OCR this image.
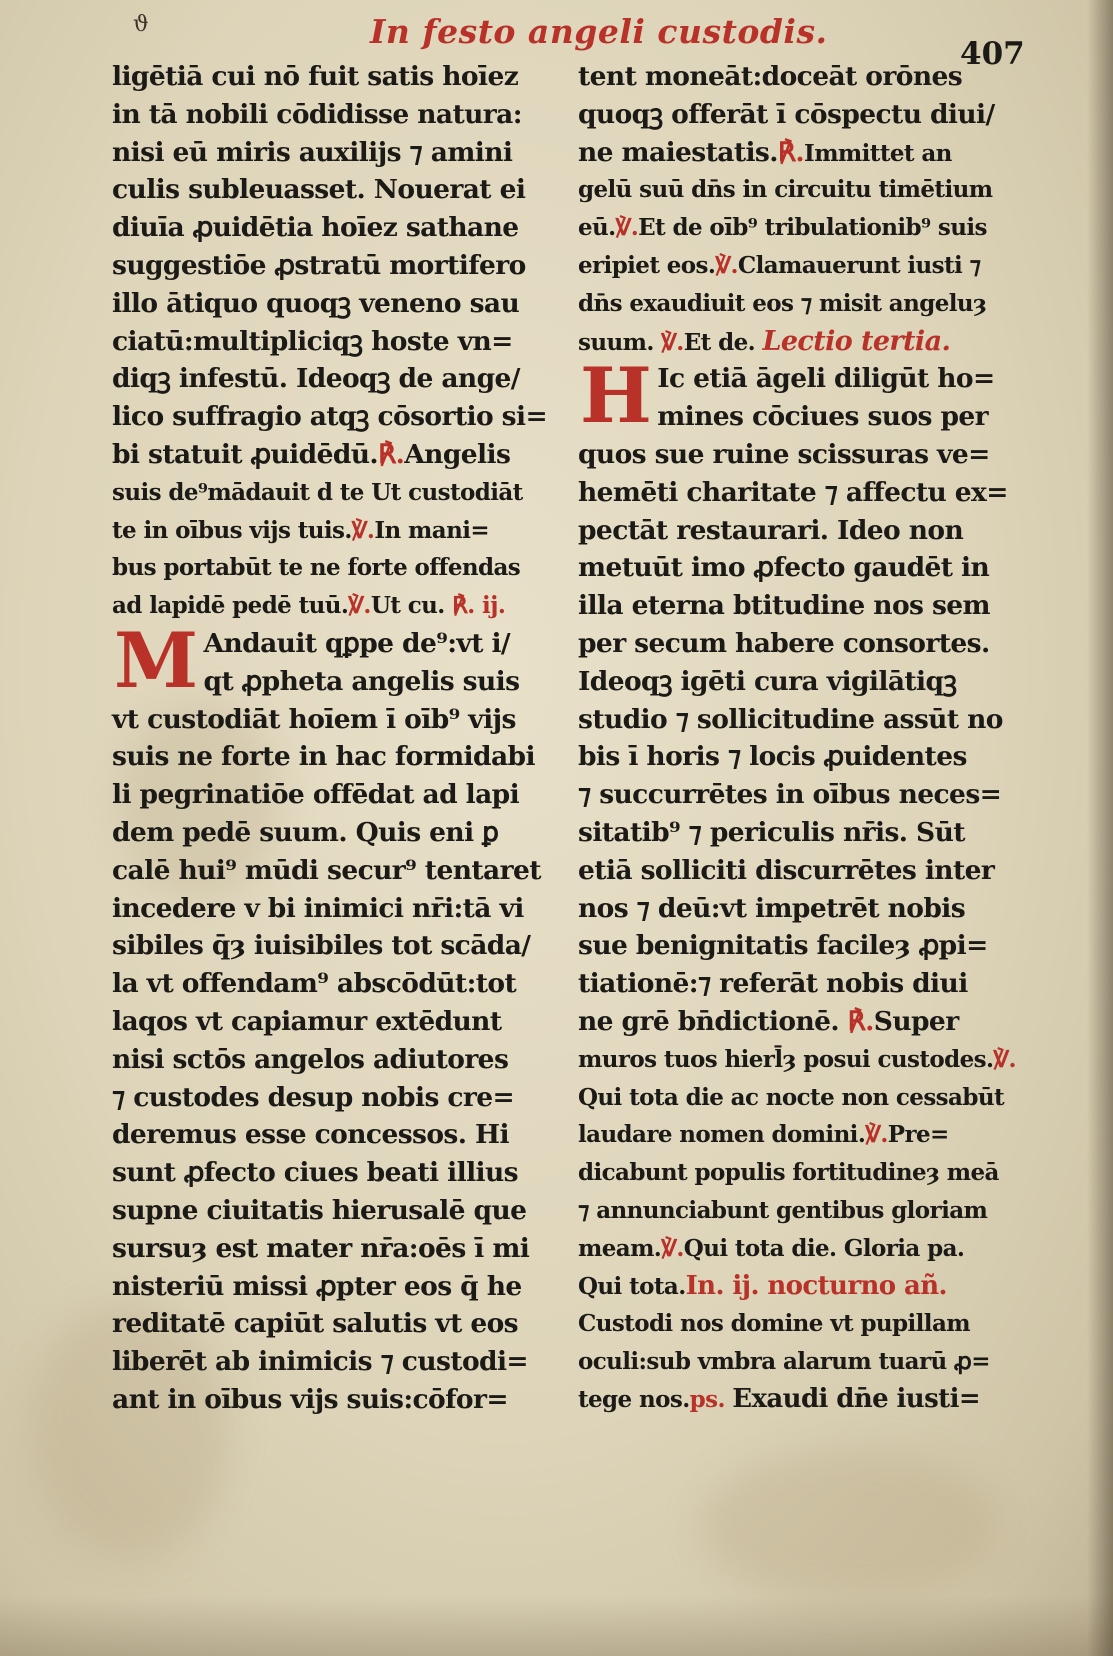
ϑ	In festo angeli custodis.
407
ligētiā cui nō fuit satis hoīez
in tā nobili cōdidisse natura:
nisi eū miris auxilijs ⁊ amini
culis subleuasset. Nouerat ei
diuīa ꝓuidētia hoīez sathane
suggestiōe ꝓstratū mortifero
illo āt​iquo quoqꝫ veneno sau
ciatū:multipliciqꝫ hoste vn=
diqꝫ infestū. Ideoqꝫ de ange/
lico suffragio atqꝫ cōsortio si=
bi statuit ꝓuidēdū.℟.Angelis
suis de⁹mādauit d te Ut custodiāt
te in oībus vijs tuis.℣.In mani=
bus portabūt te ne forte offendas
ad lapidē pedē tuū.℣.Ut cu. ℟. ij.
M Andauit qꝑpe de⁹:vt i/
qt ꝓpheta angelis suis
vt custodiāt hoīem ī oīb⁹ vijs
suis ne forte in hac formidabi
li pegrinatiōe offēdat ad lapi
dem pedē suum. Quis eni ꝑ
calē hui⁹ mūdi secur⁹ tentaret
incedere v bi inimici nr̄i:tā vi
sibiles q̄ȝ iuisibiles tot scāda/
la vt offendam⁹ abscōdūt:tot
laqos vt capiamur extēdunt
nisi sctōs angelos adiutores
⁊ custodes desup nobis cre=
deremus esse concessos. Hi
sunt ꝓfecto ciues beati illius
supne ciuitatis hierusalē que
sursuȝ est mater nr̄a:oēs ī mi
nisteriū missi ꝓpter eos q̄ he
reditatē capiūt salutis vt eos
liberēt ab inimicis ⁊ custodi=
ant in oībus vijs suis:cōfor=
tent moneāt:doceāt orōnes
quoqꝫ offerāt ī cōspectu diui/
ne maiestatis.℟.Immittet an
gelū suū dn̄s in circuitu timētium
eū.℣.Et de oīb⁹ tribulationib⁹ suis
eripiet eos.℣.Clamauerunt iusti ⁊
dn̄s exaudiuit eos ⁊ misit angeluȝ
suum. ℣.Et de. Lectio tertia.
H Ic etiā āgeli diligūt ho=
mines cōciues suos per
quos sue ruine scissuras ve=
hemēti charitate ⁊ affectu ex=
pectāt restaurari. Ideo non
metuūt imo ꝓfecto gaudēt in
illa eterna btitudine nos sem
per secum habere consortes.
Ideoqꝫ igēti cura vigilātiqꝫ
studio ⁊ sollicitudine assūt no
bis ī horis ⁊ locis ꝓuidentes
⁊ succurrētes in oībus neces=
sitatib⁹ ⁊ periculis nr̄is. Sūt
etiā solliciti discurrētes inter
nos ⁊ deū:vt impetrēt nobis
sue benignitatis facileȝ ꝓpi=
tiationē:⁊ referāt nobis diui
ne grē bn̄dictionē. ℟.Super
muros tuos hierl̄ȝ posui custodes.℣.
Qui tota die ac nocte non cessabūt
laudare nomen domini.℣.Pre=
dicabunt populis fortitudineȝ meā
⁊ annunciabunt gentibus gloriam
meam.℣.Qui tota die. Gloria pa.
Qui tota.In. ij. nocturno añ.
Custodi nos domine vt pupillam
oculi:sub vmbra alarum tuarū ꝓ=
tege nos.ps. Exaudi dn̄e iusti=
